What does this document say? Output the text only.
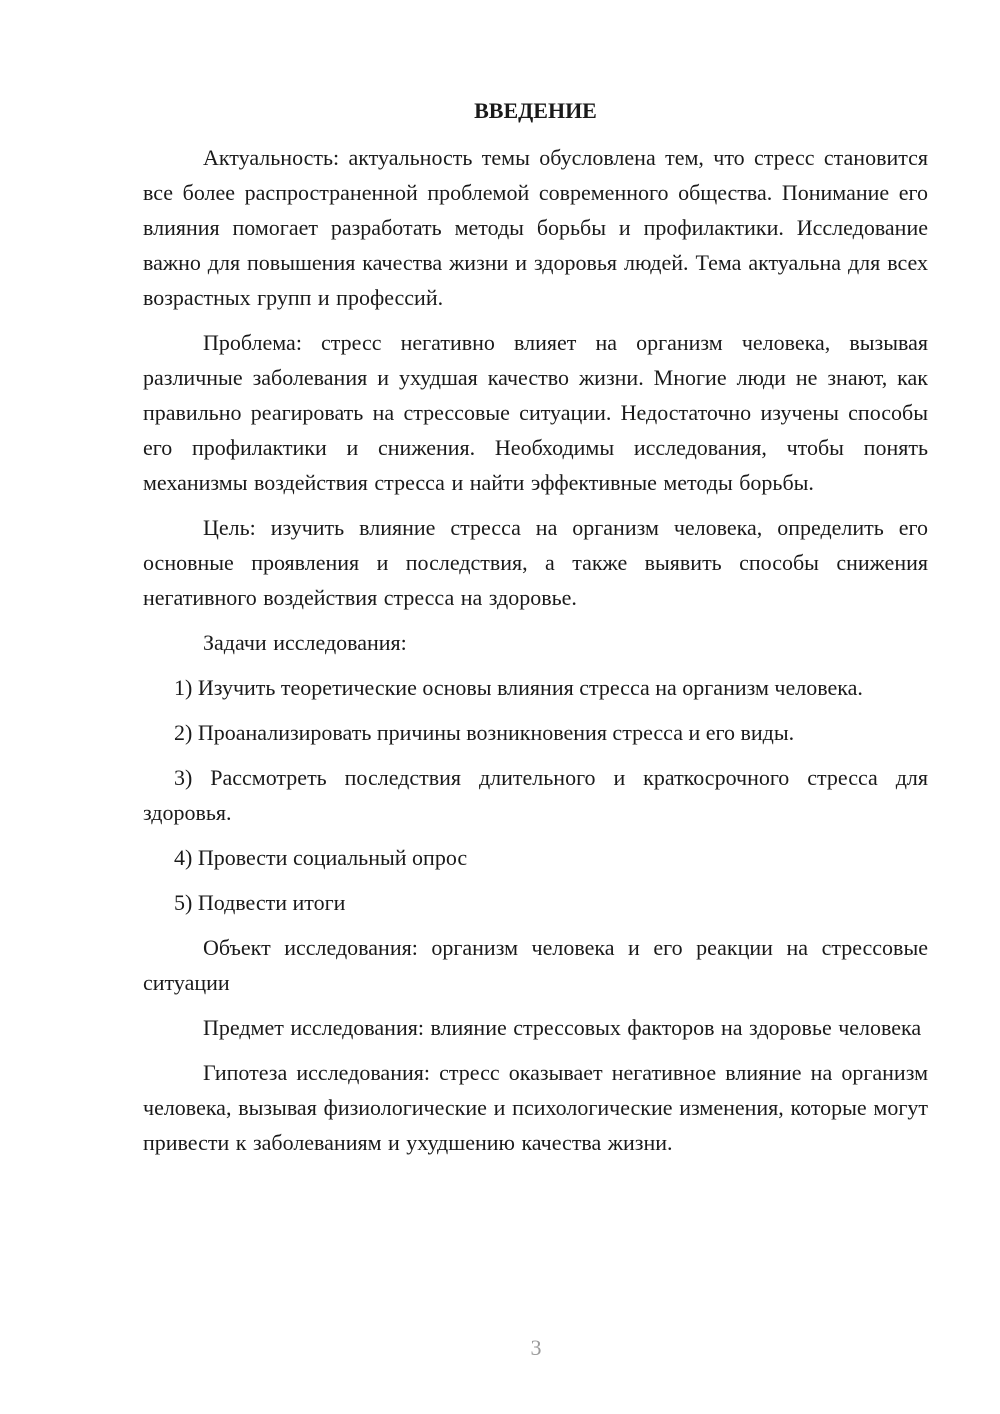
ВВЕДЕНИЕ

Актуальность: актуальность темы обусловлена тем, что стресс становится все более распространенной проблемой современного общества. Понимание его влияния помогает разработать методы борьбы и профилактики. Исследование важно для повышения качества жизни и здоровья людей. Тема актуальна для всех возрастных групп и профессий.

Проблема: стресс негативно влияет на организм человека, вызывая различные заболевания и ухудшая качество жизни. Многие люди не знают, как правильно реагировать на стрессовые ситуации. Недостаточно изучены способы его профилактики и снижения. Необходимы исследования, чтобы понять механизмы воздействия стресса и найти эффективные методы борьбы.

Цель: изучить влияние стресса на организм человека, определить его основные проявления и последствия, а также выявить способы снижения негативного воздействия стресса на здоровье.

Задачи исследования:

1) Изучить теоретические основы влияния стресса на организм человека.

2) Проанализировать причины возникновения стресса и его виды.

3) Рассмотреть последствия длительного и краткосрочного стресса для здоровья.

4) Провести социальный опрос

5) Подвести итоги

Объект исследования: организм человека и его реакции на стрессовые ситуации

Предмет исследования: влияние стрессовых факторов на здоровье человека

Гипотеза исследования: стресс оказывает негативное влияние на организм человека, вызывая физиологические и психологические изменения, которые могут привести к заболеваниям и ухудшению качества жизни.

3
